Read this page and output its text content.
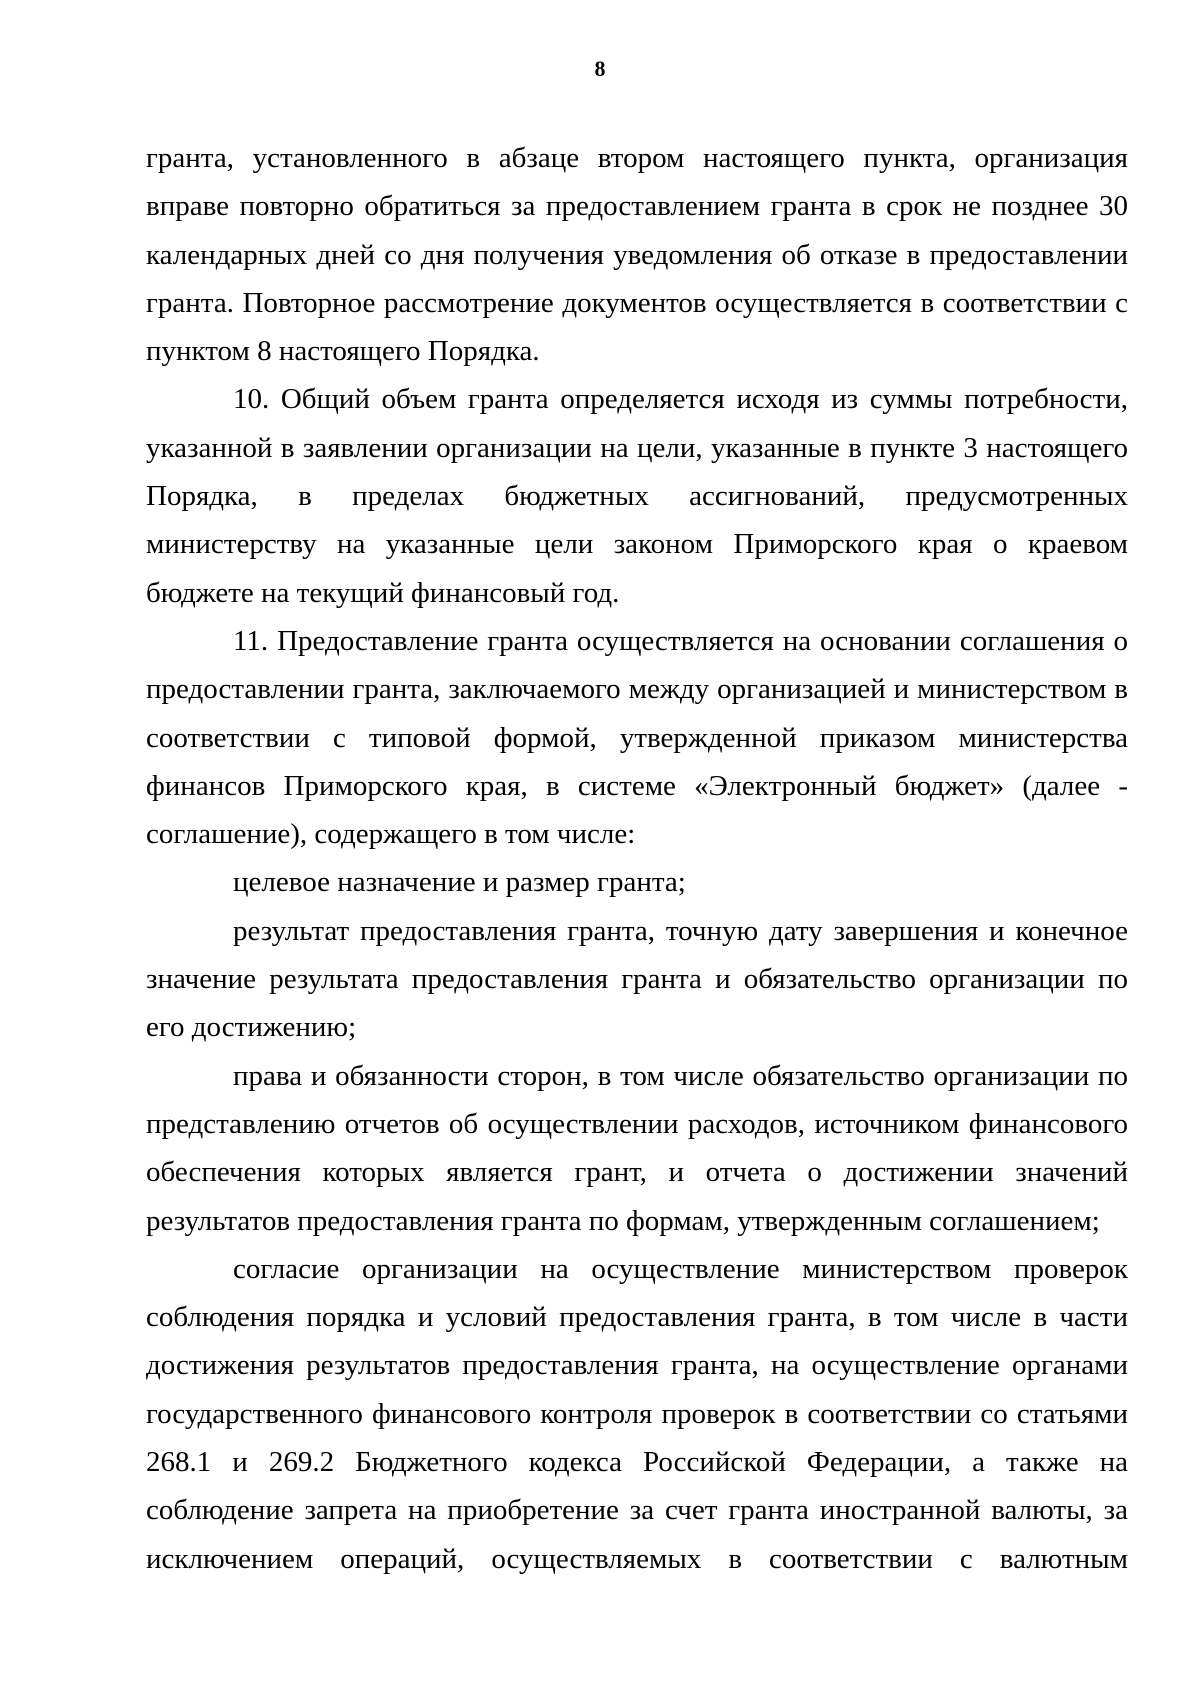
8

гранта, установленного в абзаце втором настоящего пункта, организация вправе повторно обратиться за предоставлением гранта в срок не позднее 30 календарных дней со дня получения уведомления об отказе в предоставлении гранта. Повторное рассмотрение документов осуществляется в соответствии с пунктом 8 настоящего Порядка.

10. Общий объем гранта определяется исходя из суммы потребности, указанной в заявлении организации на цели, указанные в пункте 3 настоящего Порядка, в пределах бюджетных ассигнований, предусмотренных министерству на указанные цели законом Приморского края о краевом бюджете на текущий финансовый год.

11. Предоставление гранта осуществляется на основании соглашения о предоставлении гранта, заключаемого между организацией и министерством в соответствии с типовой формой, утвержденной приказом министерства финансов Приморского края, в системе «Электронный бюджет» (далее - соглашение), содержащего в том числе:

целевое назначение и размер гранта;

результат предоставления гранта, точную дату завершения и конечное значение результата предоставления гранта и обязательство организации по его достижению;

права и обязанности сторон, в том числе обязательство организации по представлению отчетов об осуществлении расходов, источником финансового обеспечения которых является грант, и отчета о достижении значений результатов предоставления гранта по формам, утвержденным соглашением;

согласие организации на осуществление министерством проверок соблюдения порядка и условий предоставления гранта, в том числе в части достижения результатов предоставления гранта, на осуществление органами государственного финансового контроля проверок в соответствии со статьями 268.1 и 269.2 Бюджетного кодекса Российской Федерации, а также на соблюдение запрета на приобретение за счет гранта иностранной валюты, за исключением операций, осуществляемых в соответствии с валютным
